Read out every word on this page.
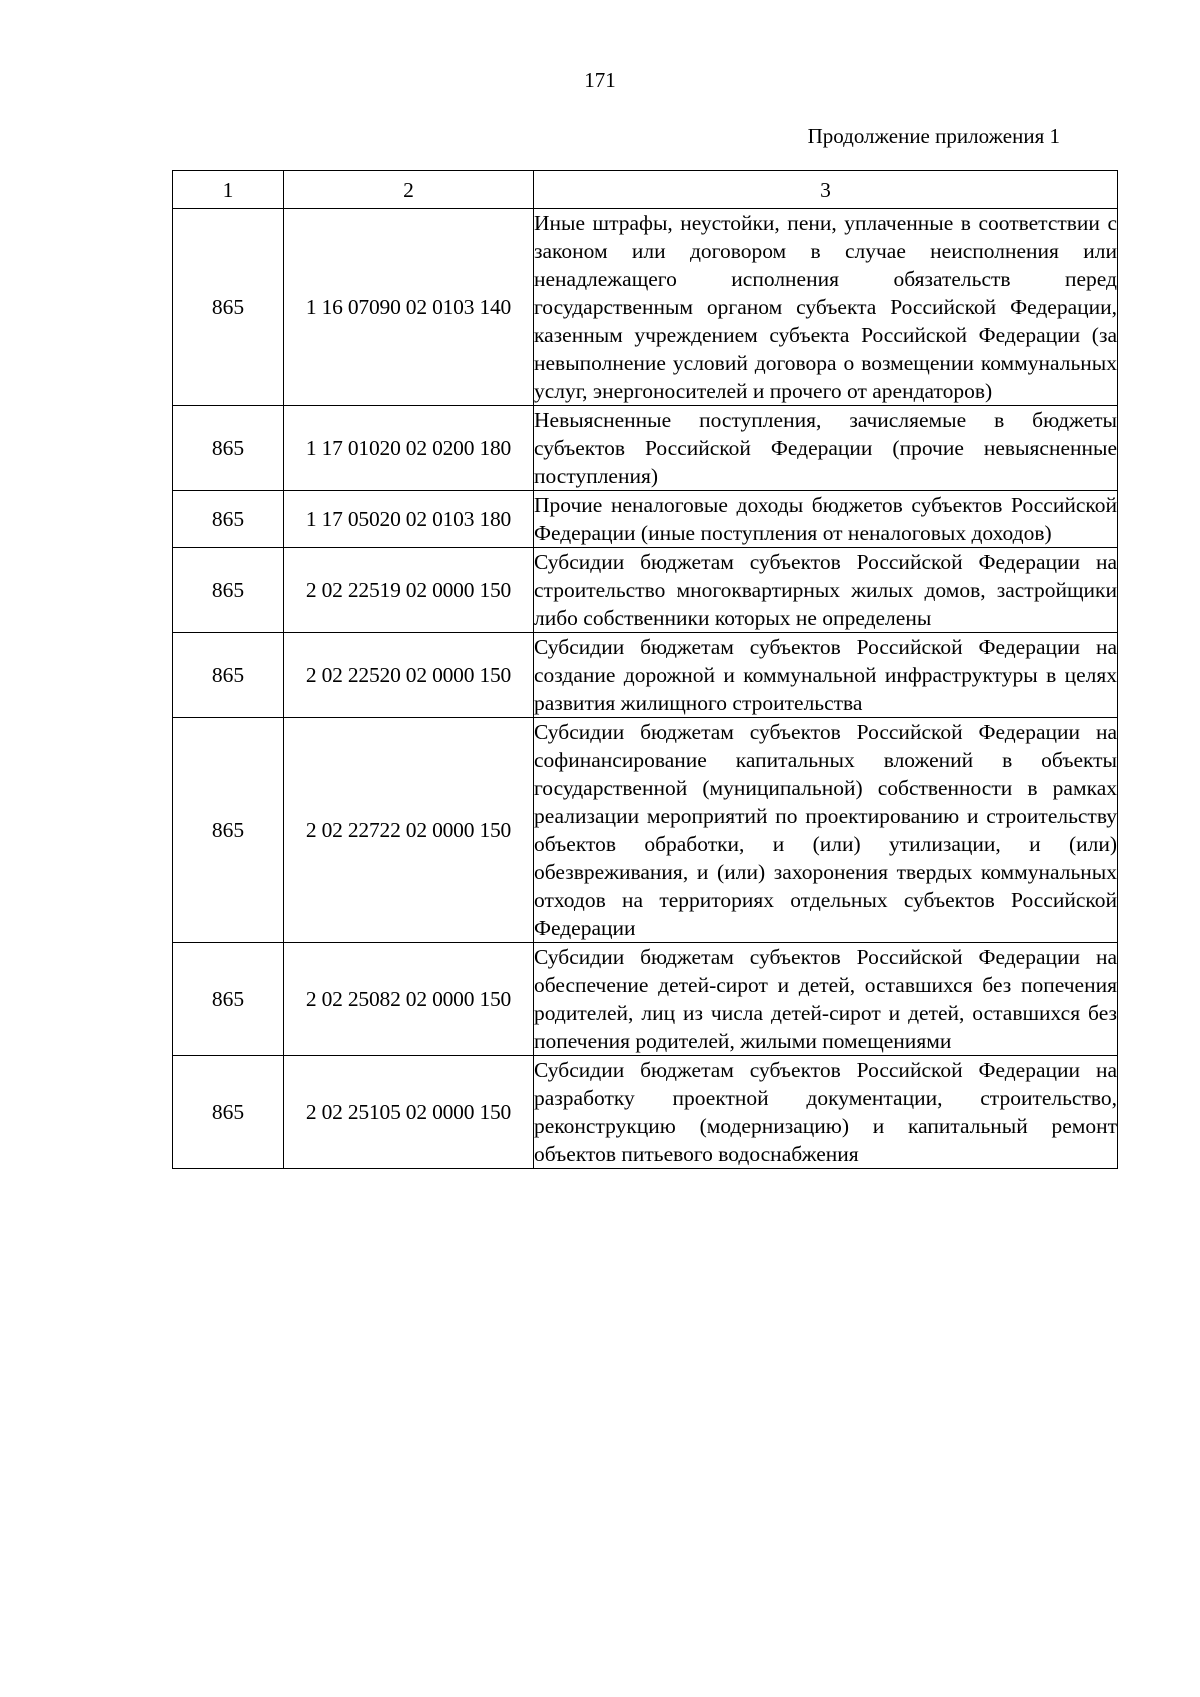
171
Продолжение приложения 1
1	2	3
865	1 16 07090 02 0103 140	Иные штрафы, неустойки, пени, уплаченные в соответствии с законом или договором в случае неисполнения или ненадлежащего исполнения обязательств перед государственным органом субъекта Российской Федерации, казенным учреждением субъекта Российской Федерации (за невыполнение условий договора о возмещении коммунальных услуг, энергоносителей и прочего от арендаторов)
865	1 17 01020 02 0200 180	Невыясненные поступления, зачисляемые в бюджеты субъектов Российской Федерации (прочие невыясненные поступления)
865	1 17 05020 02 0103 180	Прочие неналоговые доходы бюджетов субъектов Российской Федерации (иные поступления от неналоговых доходов)
865	2 02 22519 02 0000 150	Субсидии бюджетам субъектов Российской Федерации на строительство многоквартирных жилых домов, застройщики либо собственники которых не определены
865	2 02 22520 02 0000 150	Субсидии бюджетам субъектов Российской Федерации на создание дорожной и коммунальной инфраструктуры в целях развития жилищного строительства
865	2 02 22722 02 0000 150	Субсидии бюджетам субъектов Российской Федерации на софинансирование капитальных вложений в объекты государственной (муниципальной) собственности в рамках реализации мероприятий по проектированию и строительству объектов обработки, и (или) утилизации, и (или) обезвреживания, и (или) захоронения твердых коммунальных отходов на территориях отдельных субъектов Российской Федерации
865	2 02 25082 02 0000 150	Субсидии бюджетам субъектов Российской Федерации на обеспечение детей-сирот и детей, оставшихся без попечения родителей, лиц из числа детей-сирот и детей, оставшихся без попечения родителей, жилыми помещениями
865	2 02 25105 02 0000 150	Субсидии бюджетам субъектов Российской Федерации на разработку проектной документации, строительство, реконструкцию (модернизацию) и капитальный ремонт объектов питьевого водоснабжения
